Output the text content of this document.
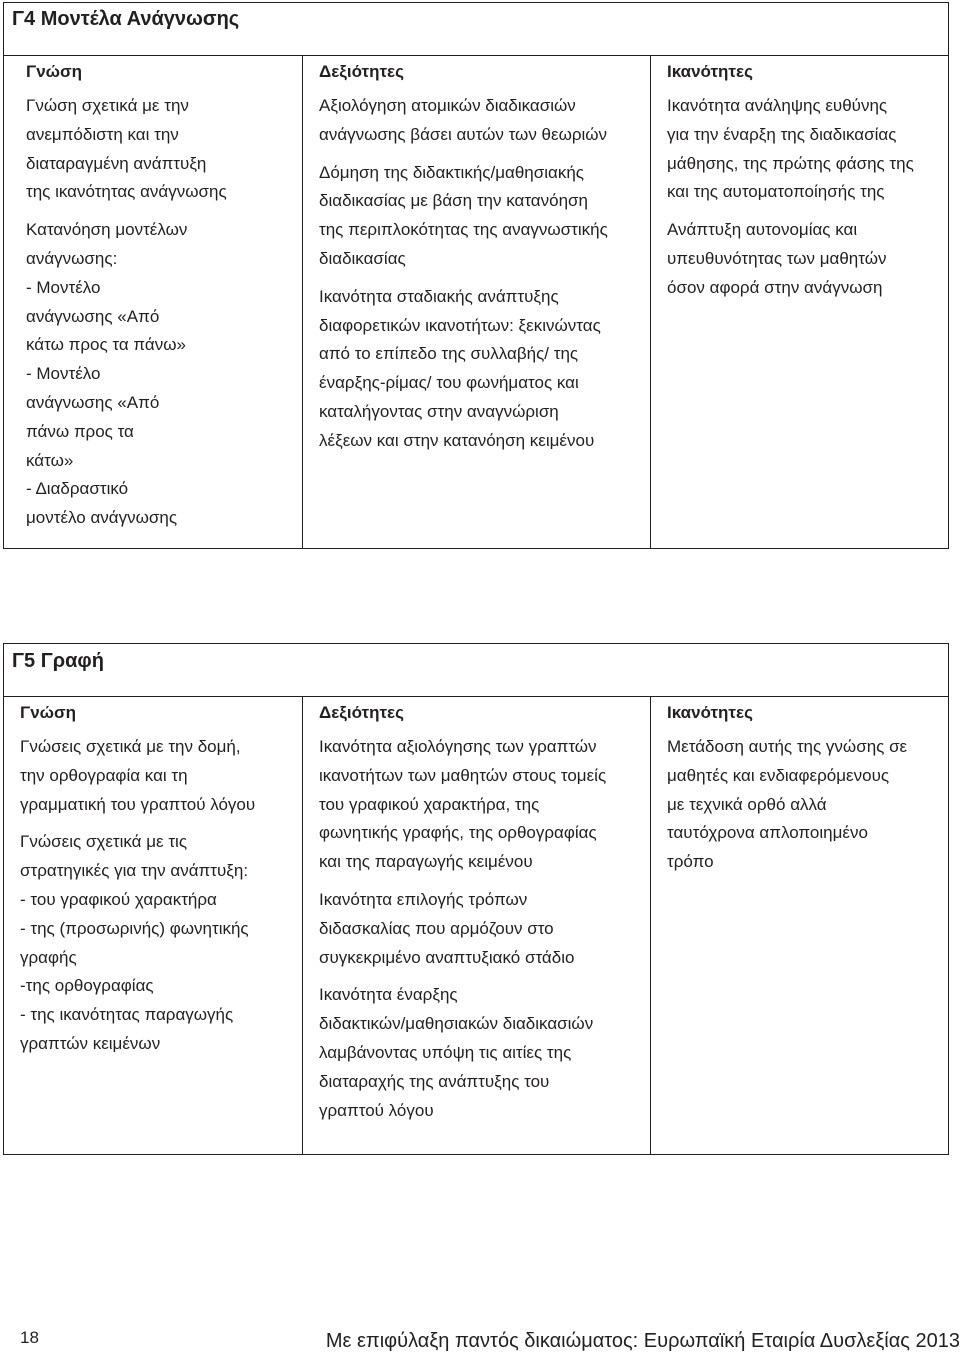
Γ4 Μοντέλα Ανάγνωσης
Γνώση
Γνώση σχετικά με την
ανεμπόδιστη και την
διαταραγμένη ανάπτυξη
της ικανότητας ανάγνωσης
Κατανόηση μοντέλων
ανάγνωσης:
- Μοντέλο
ανάγνωσης «Από
κάτω προς τα πάνω»
- Μοντέλο
ανάγνωσης «Από
πάνω προς τα
κάτω»
- Διαδραστικό
μοντέλο ανάγνωσης
Δεξιότητες
Αξιολόγηση ατομικών διαδικασιών
ανάγνωσης βάσει αυτών των θεωριών
Δόμηση της διδακτικής/μαθησιακής
διαδικασίας με βάση την κατανόηση
της περιπλοκότητας της αναγνωστικής
διαδικασίας
Ικανότητα σταδιακής ανάπτυξης
διαφορετικών ικανοτήτων: ξεκινώντας
από το επίπεδο της συλλαβής/ της
έναρξης-ρίμας/ του φωνήματος και
καταλήγοντας στην αναγνώριση
λέξεων και στην κατανόηση κειμένου
Ικανότητες
Ικανότητα ανάληψης ευθύνης
για την έναρξη της διαδικασίας
μάθησης, της πρώτης φάσης της
και της αυτοματοποίησής της
Ανάπτυξη αυτονομίας και
υπευθυνότητας των μαθητών
όσον αφορά στην ανάγνωση
Γ5 Γραφή
Γνώση
Γνώσεις σχετικά με την δομή,
την ορθογραφία και τη
γραμματική του γραπτού λόγου
Γνώσεις σχετικά με τις
στρατηγικές για την ανάπτυξη:
- του γραφικού χαρακτήρα
- της (προσωρινής) φωνητικής
γραφής
-της ορθογραφίας
- της ικανότητας παραγωγής
γραπτών κειμένων
Δεξιότητες
Ικανότητα αξιολόγησης των γραπτών
ικανοτήτων των μαθητών στους τομείς
του γραφικού χαρακτήρα, της
φωνητικής γραφής, της ορθογραφίας
και της παραγωγής κειμένου
Ικανότητα επιλογής τρόπων
διδασκαλίας που αρμόζουν στο
συγκεκριμένο αναπτυξιακό στάδιο
Ικανότητα έναρξης
διδακτικών/μαθησιακών διαδικασιών
λαμβάνοντας υπόψη τις αιτίες της
διαταραχής της ανάπτυξης του
γραπτού λόγου
Ικανότητες
Μετάδοση αυτής της γνώσης σε
μαθητές και ενδιαφερόμενους
με τεχνικά ορθό αλλά
ταυτόχρονα απλοποιημένο
τρόπο
18	Με επιφύλαξη παντός δικαιώματος: Ευρωπαϊκή Εταιρία Δυσλεξίας 2013
